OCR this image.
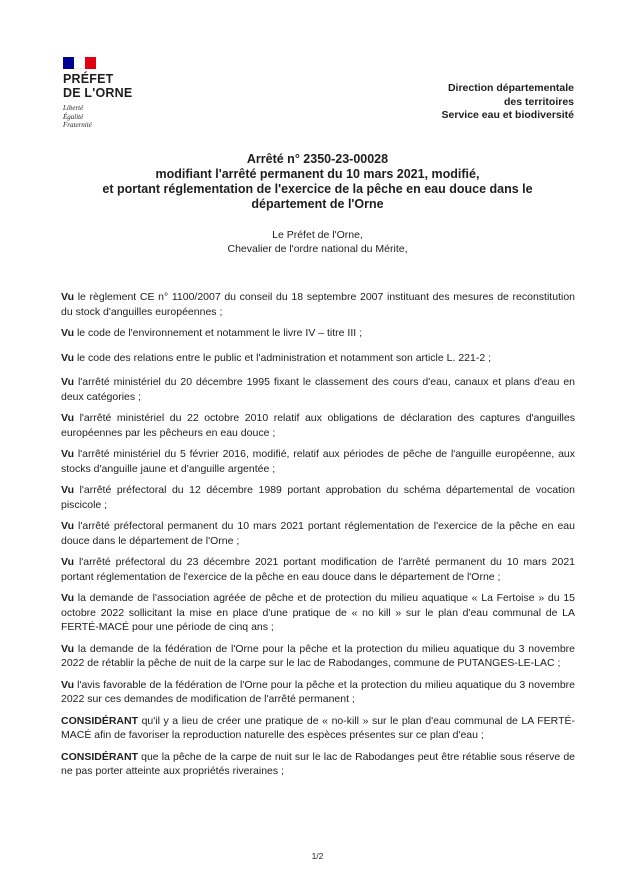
PRÉFET
DE L'ORNE
Liberté
Égalité
Fraternité
Direction départementale
des territoires
Service eau et biodiversité
Arrêté n° 2350-23-00028
modifiant l'arrêté permanent du 10 mars 2021, modifié,
et portant réglementation de l'exercice de la pêche en eau douce dans le
département de l'Orne
Le Préfet de l'Orne,
Chevalier de l'ordre national du Mérite,

Vu le règlement CE n° 1100/2007 du conseil du 18 septembre 2007 instituant des mesures de reconstitution du stock d'anguilles européennes ;

Vu le code de l'environnement et notamment le livre IV – titre III ;

Vu le code des relations entre le public et l'administration et notamment son article L. 221-2 ;

Vu l'arrêté ministériel du 20 décembre 1995 fixant le classement des cours d'eau, canaux et plans d'eau en deux catégories ;

Vu l'arrêté ministériel du 22 octobre 2010 relatif aux obligations de déclaration des captures d'anguilles européennes par les pêcheurs en eau douce ;

Vu l'arrêté ministériel du 5 février 2016, modifié, relatif aux périodes de pêche de l'anguille européenne, aux stocks d'anguille jaune et d'anguille argentée ;

Vu l'arrêté préfectoral du 12 décembre 1989 portant approbation du schéma départemental de vocation piscicole ;

Vu l'arrêté préfectoral permanent du 10 mars 2021 portant réglementation de l'exercice de la pêche en eau douce dans le département de l'Orne ;

Vu l'arrêté préfectoral du 23 décembre 2021 portant modification de l'arrêté permanent du 10 mars 2021 portant réglementation de l'exercice de la pêche en eau douce dans le département de l'Orne ;

Vu la demande de l'association agréée de pêche et de protection du milieu aquatique « La Fertoise » du 15 octobre 2022 sollicitant la mise en place d'une pratique de « no kill » sur le plan d'eau communal de LA FERTÉ-MACÉ pour une période de cinq ans ;

Vu la demande de la fédération de l'Orne pour la pêche et la protection du milieu aquatique du 3 novembre 2022 de rétablir la pêche de nuit de la carpe sur le lac de Rabodanges, commune de PUTANGES-LE-LAC ;

Vu l'avis favorable de la fédération de l'Orne pour la pêche et la protection du milieu aquatique du 3 novembre 2022 sur ces demandes de modification de l'arrêté permanent ;

CONSIDÉRANT qu'il y a lieu de créer une pratique de « no-kill » sur le plan d'eau communal de LA FERTÉ-MACÉ afin de favoriser la reproduction naturelle des espèces présentes sur ce plan d'eau ;

CONSIDÉRANT que la pêche de la carpe de nuit sur le lac de Rabodanges peut être rétablie sous réserve de ne pas porter atteinte aux propriétés riveraines ;

1/2
